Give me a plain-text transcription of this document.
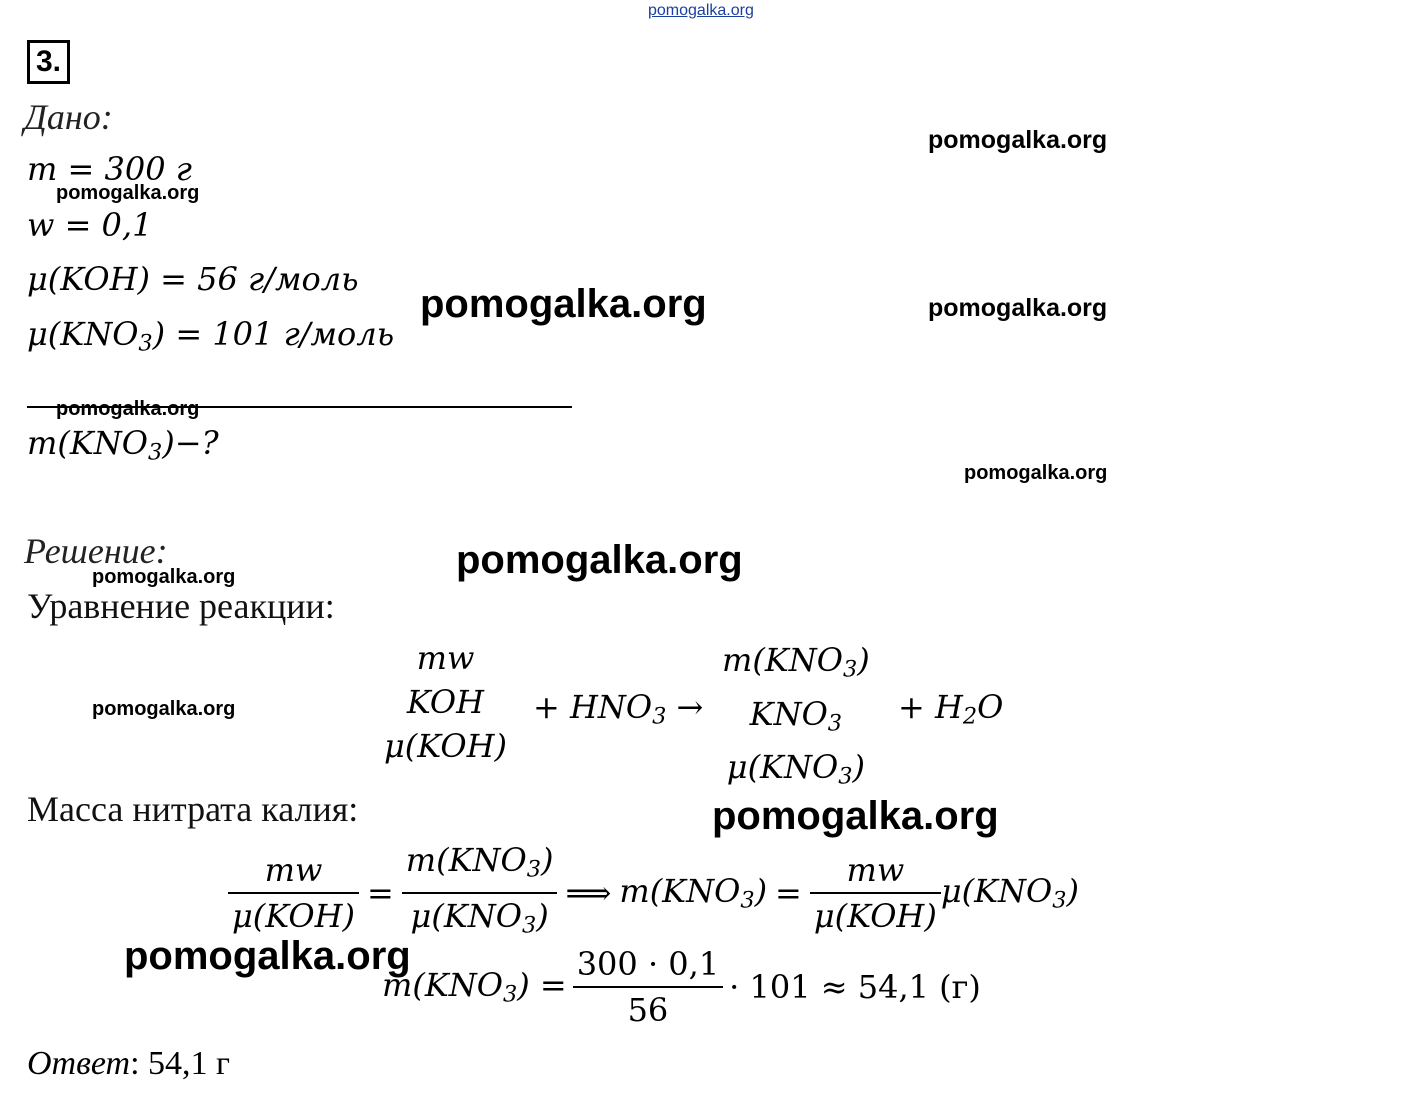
pomogalka.org
3.
Дано:
m = 300 г
w = 0,1
μ(KOH) = 56 г/моль
$\mu(KNO_3) = 101$ г/моль
$m(KNO_3)-$?
Решение:
Уравнение реакции:
mw
KOH
μ(KOH)
+ $HNO_3$ →
$m(KNO_3)$
$KNO_3$
$\mu(KNO_3)$
+ $H_2O$
Масса нитрата калия:
$\frac{mw}{\text{μ(KOH)}} = \frac{m(KNO_3)}{\mu(KNO_3)}$ ⟹ $m(KNO_3) = \frac{mw}{\text{μ(KOH)}} \mu(KNO_3)$
$m(KNO_3) = \frac{300 \cdot 0,1}{56} \cdot 101 \approx 54,1$ (г)
Ответ: 54,1 г
pomogalka.org
pomogalka.org
pomogalka.org	pomogalka.org
pomogalka.org
pomogalka.org
pomogalka.org
pomogalka.org
pomogalka.org
pomogalka.org
pomogalka.org
